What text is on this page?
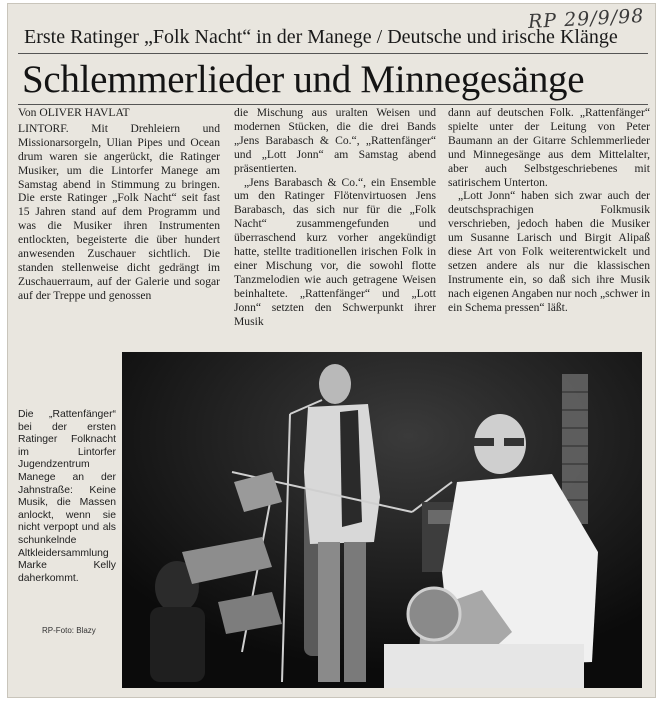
RP 29/9/98
Erste Ratinger „Folk Nacht“ in der Manege / Deutsche und irische Klänge
Schlemmerlieder und Minnegesänge
Von OLIVER HAVLAT

LINTORF. Mit Drehleiern und Missionarsorgeln, Ulian Pipes und Ocean drum waren sie angerückt, die Ratinger Musiker, um die Lintorfer Manege am Samstag abend in Stimmung zu bringen. Die erste Ratinger „Folk Nacht“ seit fast 15 Jahren stand auf dem Programm und was die Musiker ihren Instrumenten entlockten, begeisterte die über hundert anwesenden Zuschauer sichtlich. Die standen stellenweise dicht gedrängt im Zuschauerraum, auf der Galerie und sogar auf der Treppe und genossen

die Mischung aus uralten Weisen und modernen Stücken, die die drei Bands „Jens Barabasch & Co.“, „Rattenfänger“ und „Lott Jonn“ am Samstag abend präsentierten.

„Jens Barabasch & Co.“, ein Ensemble um den Ratinger Flötenvirtuosen Jens Barabasch, das sich nur für die „Folk Nacht“ zusammengefunden und überraschend kurz vorher angekündigt hatte, stellte traditionellen irischen Folk in einer Mischung vor, die sowohl flotte Tanzmelodien wie auch getragene Weisen beinhaltete. „Rattenfänger“ und „Lott Jonn“ setzten den Schwerpunkt ihrer Musik

dann auf deutschen Folk. „Rattenfänger“ spielte unter der Leitung von Peter Baumann an der Gitarre Schlemmerlieder und Minnegesänge aus dem Mittelalter, aber auch Selbstgeschriebenes mit satirischem Unterton.

„Lott Jonn“ haben sich zwar auch der deutschsprachigen Folkmusik verschrieben, jedoch haben die Musiker um Susanne Larisch und Birgit Alipaß diese Art von Folk weiterentwickelt und setzen andere als nur die klassischen Instrumente ein, so daß sich ihre Musik nach eigenen Angaben nur noch „schwer in ein Schema pressen“ läßt.

Die „Rattenfänger“ bei der ersten Ratinger Folknacht im Lintorfer Jugendzentrum Manege an der Jahnstraße: Keine Musik, die Massen anlockt, wenn sie nicht verpopt und als schunkelnde Altkleidersammlung Marke Kelly daherkommt.
RP-Foto: Blazy
